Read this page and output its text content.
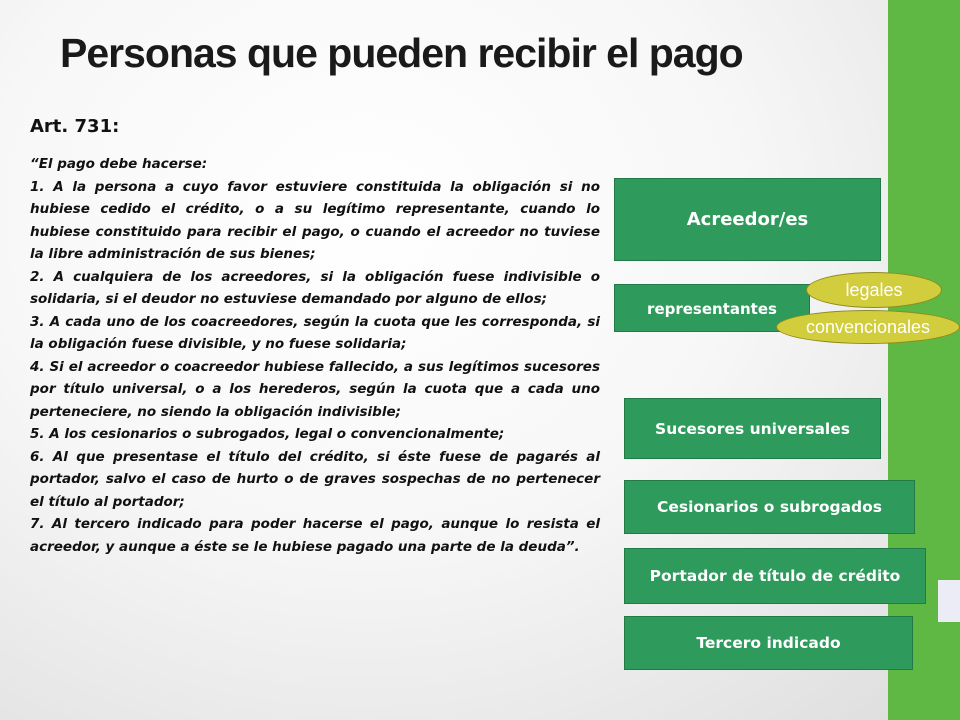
Personas que pueden recibir el pago
Art. 731:

“El pago debe hacerse:

1. A la persona a cuyo favor estuviere constituida la obligación si no hubiese cedido el crédito, o a su legítimo representante, cuando lo hubiese constituido para recibir el pago, o cuando el acreedor no tuviese la libre administración de sus bienes;

2. A cualquiera de los acreedores, si la obligación fuese indivisible o solidaria, si el deudor no estuviese demandado por alguno de ellos;

3. A cada uno de los coacreedores, según la cuota que les corresponda, si la obligación fuese divisible, y no fuese solidaria;

4. Si el acreedor o coacreedor hubiese fallecido, a sus legítimos sucesores por título universal, o a los herederos, según la cuota que a cada uno perteneciere, no siendo la obligación indivisible;

5. A los cesionarios o subrogados, legal o convencionalmente;

6. Al que presentase el título del crédito, si éste fuese de pagarés al portador, salvo el caso de hurto o de graves sospechas de no pertenecer el título al portador;

7. Al tercero indicado para poder hacerse el pago, aunque lo resista el acreedor, y aunque a éste se le hubiese pagado una parte de la deuda”.

Acreedor/es
representantes
legales
convencionales
Sucesores universales
Cesionarios o subrogados
Portador de título de crédito
Tercero indicado
